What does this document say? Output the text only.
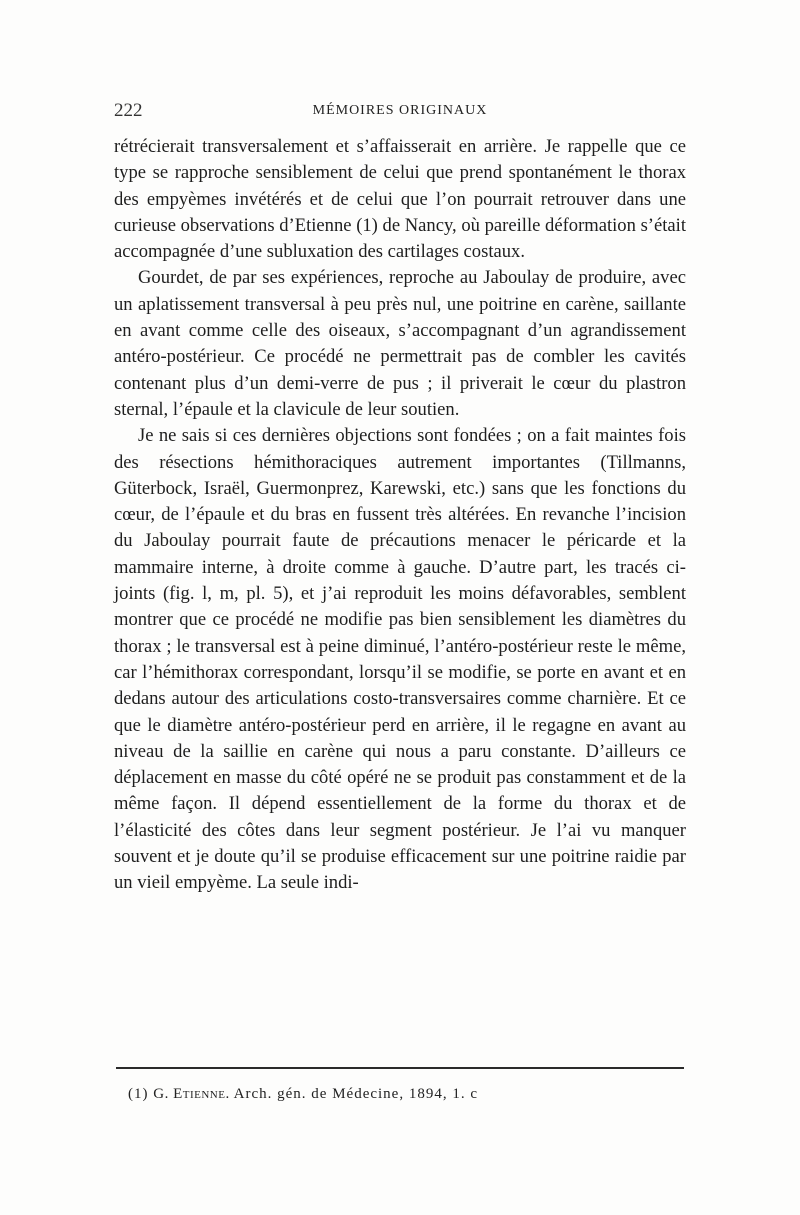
222	MÉMOIRES ORIGINAUX

rétrécierait transversalement et s’affaisserait en arrière. Je rappelle que ce type se rapproche sensiblement de celui que prend spontanément le thorax des empyèmes invétérés et de celui que l’on pourrait retrouver dans une curieuse observations d’Etienne (1) de Nancy, où pareille déformation s’était accompagnée d’une subluxation des cartilages costaux.

Gourdet, de par ses expériences, reproche au Jaboulay de produire, avec un aplatissement transversal à peu près nul, une poitrine en carène, saillante en avant comme celle des oiseaux, s’accompagnant d’un agrandissement antéro-postérieur. Ce procédé ne permettrait pas de combler les cavités contenant plus d’un demi-verre de pus ; il priverait le cœur du plastron sternal, l’épaule et la clavicule de leur soutien.

Je ne sais si ces dernières objections sont fondées ; on a fait maintes fois des résections hémithoraciques autrement importantes (Tillmanns, Güterbock, Israël, Guermonprez, Karewski, etc.) sans que les fonctions du cœur, de l’épaule et du bras en fussent très altérées. En revanche l’incision du Jaboulay pourrait faute de précautions menacer le péricarde et la mammaire interne, à droite comme à gauche. D’autre part, les tracés ci-joints (fig. l, m, pl. 5), et j’ai reproduit les moins défavorables, semblent montrer que ce procédé ne modifie pas bien sensiblement les diamètres du thorax ; le transversal est à peine diminué, l’antéro-postérieur reste le même, car l’hémithorax correspondant, lorsqu’il se modifie, se porte en avant et en dedans autour des articulations costo-transversaires comme charnière. Et ce que le diamètre antéro-postérieur perd en arrière, il le regagne en avant au niveau de la saillie en carène qui nous a paru constante. D’ailleurs ce déplacement en masse du côté opéré ne se produit pas constamment et de la même façon. Il dépend essentiellement de la forme du thorax et de l’élasticité des côtes dans leur segment postérieur. Je l’ai vu manquer souvent et je doute qu’il se produise efficacement sur une poitrine raidie par un vieil empyème. La seule indi-

(1) G. Etienne. Arch. gén. de Médecine, 1894, 1. c
